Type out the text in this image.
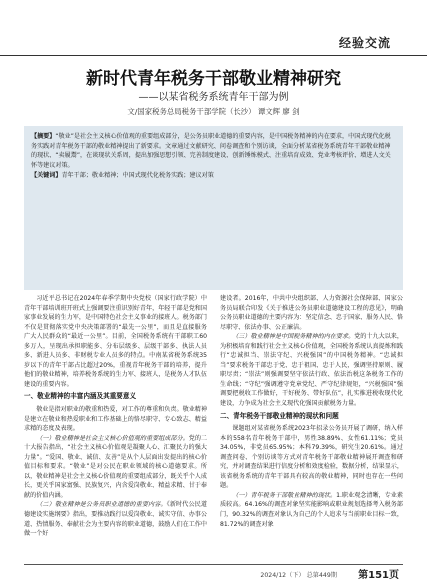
经验交流
新时代青年税务干部敬业精神研究
——以某省税务系统青年干部为例
文/国家税务总局税务干部学院（长沙） 谭文辉 廖 剑

【摘要】“敬业”是社会主义核心价值观的重要组成部分，是公务员职业道德的重要内容，是中国税务精神的内在要求，中国式现代化税务实践对青年税务干部的敬业精神提出了新要求。文章通过文献研究、问卷调查和个别访谈，全面分析某省税务系统青年干部敬业精神的现状、“卖履鬻”，在谈现状关系周，提出加强思想引领、完善制度建设、创新锤炼模式、注重培育成效、党业考核评价、增进人文关怀等建议对策。

【关键词】青年干部；敬业精神；中国式现代化税务实践；建议对策

习近平总书记在2024年春季学期中央党校（国家行政学院）中青年干部培训班开班式上强调要注重识别好青年，年轻干部是党和国家事业发展的生力军，是中国特色社会主义事业的接班人。税务部门不仅是贯彻落实党中央决策部署的“最先一公里”，而且是直接服务广大人民群众的“最近一公里”。目前，全国税务系统有干部职工60多万人，呈现出承担职能多、分布层级多、层级干部多、执法人员多、新进人员多、非财税专业人员多的特点。中南某省税务系统35岁以下的青年干部占比超过20%，重视青年税务干部的培养，提升他们的敬业精神，培养税务系统的生力军、接班人，是税务人才队伍建设的重要内容。

一、敬业精神的丰富内涵及其重要意义

敬业是指对职业的敬重和热爱，对工作的尊重和负责。敬业精神是建立在敬业和热爱职业和工作基础上的恪尽职守、专心致志、精益求精的态度及表现。

（一）敬业精神是社会主义核心价值观的重要组成部分。党的二十大报告指出，“社会主义核心价值观是凝聚人心、汇聚民力的强大力量”。“爱国、敬业、诚信、友善”是从个人层面出发提出的核心价值目标和要求。“敬业”是对公民在职业领域的核心道德要求。所以，敬业精神是社会主义核心价值观的重要组成部分，既关乎个人成长，更关乎国家富强、民族复兴，内含爱岗敬业、精益求精、甘于奉献的价值内涵。

（二）敬业精神是公务员职业道德的重要内容。《新时代公民道德建设实施纲要》指出，要推动践行以爱岗敬业、诚实守信、办事公道、热情服务、奉献社会为主要内容的职业道德，鼓励人们在工作中做一个好

建设者。2016年，中共中央组织部、人力资源社会保障部、国家公务员局联合印发《关于推进公务员职业道德建设工程的意见》，明确公务员职业道德的主要内容为：坚定信念、忠于国家、服务人民、恪尽职守、依法办事、公正廉洁。

（三）敬业精神是中国税务精神的内在要求。党的十九大以来，为积极培育和践行社会主义核心价值观，全国税务系统认真提炼和践行“忠诚担当、崇法守纪、兴税强国”的中国税务精神。“忠诚担当”要求税务干部忠于党、忠于祖国、忠于人民，强调坚持原则、履职尽责；“崇法”则强调要坚守依法行政、依法治税这条税务工作的生命线；“守纪”强调遵守党章党纪、严守纪律规矩，“兴税强国”强调要把税收工作做好，干好税务、带好队伍”，扎实推进税收现代化建设，力争成为社会主义现代化强国贡献税务力量。

二、青年税务干部敬业精神的现状和问题

课题组对某省税务系统2023年招录公务员开展了调研，纳入样本的558名青年税务干部中，男性38.89%、女性61.11%；党员34.05%，非党员65.95%；本科79.39%，研究生20.61%。通过调查问卷、个别访谈等方式对青年税务干部敬业精神展开调查和研究，并对调查结果进行信度分析和效度检验，数据分析，结果显示，该省税务系统的青年干部具有较高的敬业精神，同时也存在一些问题。

（一）青年税务干部敬业精神的现状。1.职业观念清晰，专业素质较高。64.16%的调查对象坚实能影响或职业规划选择考入税务部门，90.32%的调查对象认为自己的个人追求与当前职业目标一致，81.72%的调查对象

2024/12（下） 总第449期 第151页
